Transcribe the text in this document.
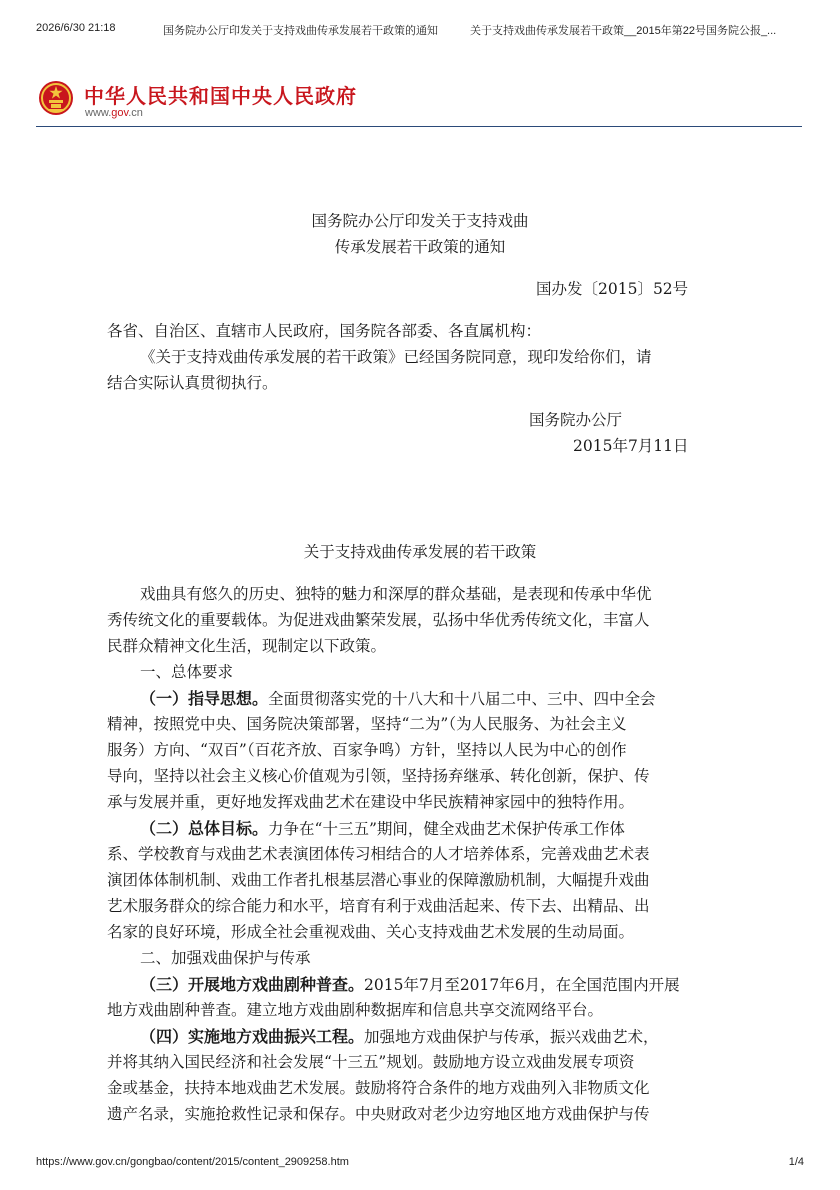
2026/6/30 21:18	国务院办公厅印发关于支持戏曲传承发展若干政策的通知	关于支持戏曲传承发展若干政策__2015年第22号国务院公报_...
中华人民共和国中央人民政府
www.gov.cn
国务院办公厅印发关于支持戏曲
传承发展若干政策的通知
国办发〔2015〕52号
各省、自治区、直辖市人民政府，国务院各部委、各直属机构：
《关于支持戏曲传承发展的若干政策》已经国务院同意，现印发给你们，请
结合实际认真贯彻执行。
国务院办公厅
2015年7月11日
关于支持戏曲传承发展的若干政策
戏曲具有悠久的历史、独特的魅力和深厚的群众基础，是表现和传承中华优
秀传统文化的重要载体。为促进戏曲繁荣发展，弘扬中华优秀传统文化，丰富人
民群众精神文化生活，现制定以下政策。
一、总体要求
（一）指导思想。全面贯彻落实党的十八大和十八届二中、三中、四中全会
精神，按照党中央、国务院决策部署，坚持“二为”（为人民服务、为社会主义
服务）方向、“双百”（百花齐放、百家争鸣）方针，坚持以人民为中心的创作
导向，坚持以社会主义核心价值观为引领，坚持扬弃继承、转化创新，保护、传
承与发展并重，更好地发挥戏曲艺术在建设中华民族精神家园中的独特作用。
（二）总体目标。力争在“十三五”期间，健全戏曲艺术保护传承工作体
系、学校教育与戏曲艺术表演团体传习相结合的人才培养体系，完善戏曲艺术表
演团体体制机制、戏曲工作者扎根基层潜心事业的保障激励机制，大幅提升戏曲
艺术服务群众的综合能力和水平，培育有利于戏曲活起来、传下去、出精品、出
名家的良好环境，形成全社会重视戏曲、关心支持戏曲艺术发展的生动局面。
二、加强戏曲保护与传承
（三）开展地方戏曲剧种普查。2015年7月至2017年6月，在全国范围内开展
地方戏曲剧种普查。建立地方戏曲剧种数据库和信息共享交流网络平台。
（四）实施地方戏曲振兴工程。加强地方戏曲保护与传承，振兴戏曲艺术，
并将其纳入国民经济和社会发展“十三五”规划。鼓励地方设立戏曲发展专项资
金或基金，扶持本地戏曲艺术发展。鼓励将符合条件的地方戏曲列入非物质文化
遗产名录，实施抢救性记录和保存。中央财政对老少边穷地区地方戏曲保护与传
https://www.gov.cn/gongbao/content/2015/content_2909258.htm	1/4
